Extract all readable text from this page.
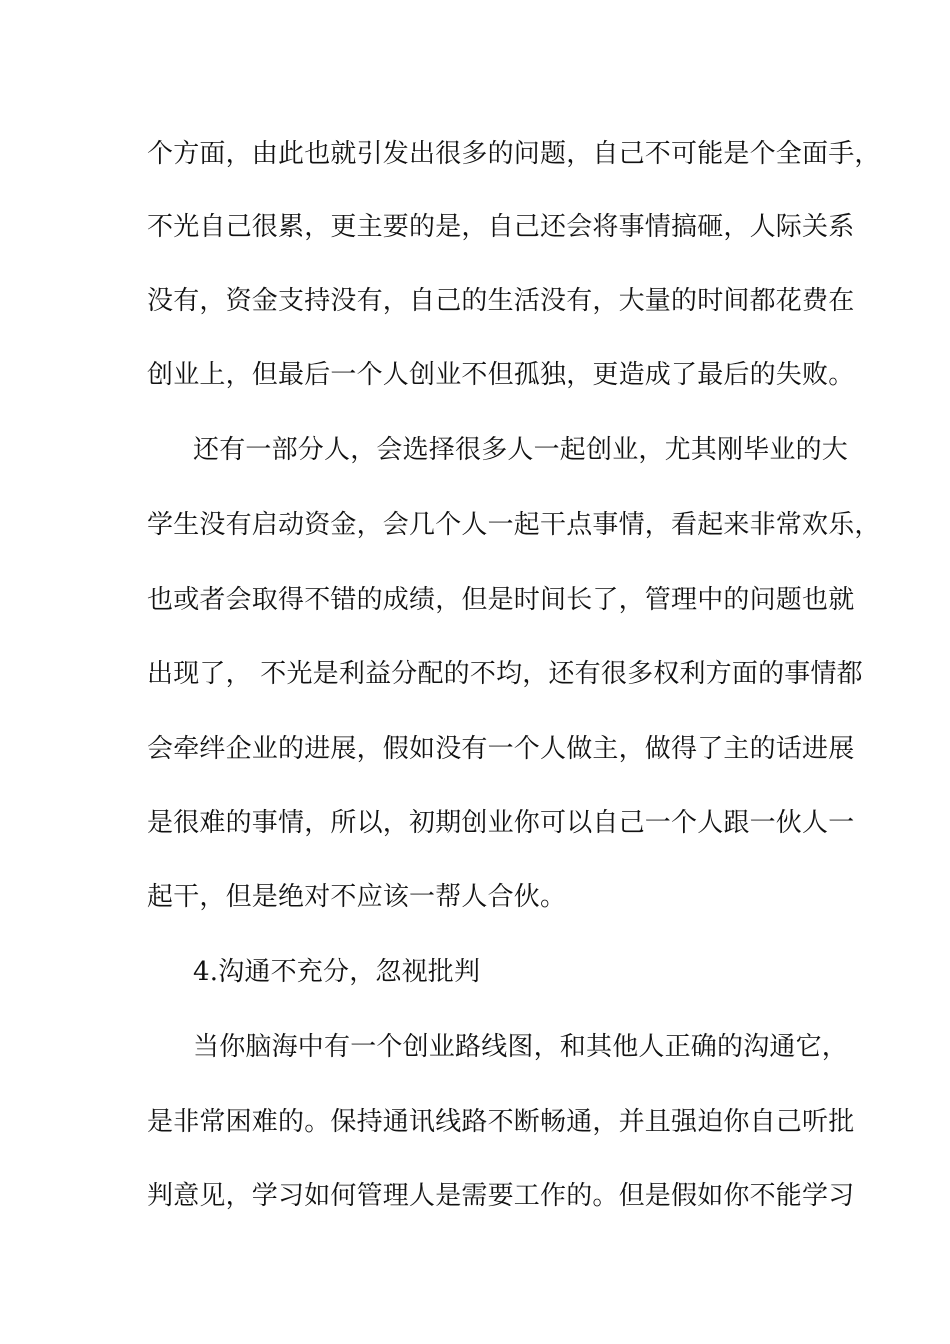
个方面，由此也就引发出很多的问题，自己不可能是个全面手，
不光自己很累，更主要的是，自己还会将事情搞砸，人际关系
没有，资金支持没有，自己的生活没有，大量的时间都花费在
创业上，但最后一个人创业不但孤独，更造成了最后的失败。
还有一部分人，会选择很多人一起创业，尤其刚毕业的大
学生没有启动资金，会几个人一起干点事情，看起来非常欢乐，
也或者会取得不错的成绩，但是时间长了，管理中的问题也就
出现了， 不光是利益分配的不均，还有很多权利方面的事情都
会牵绊企业的进展，假如没有一个人做主，做得了主的话进展
是很难的事情，所以，初期创业你可以自己一个人跟一伙人一
起干，但是绝对不应该一帮人合伙。
4.沟通不充分，忽视批判
当你脑海中有一个创业路线图，和其他人正确的沟通它，
是非常困难的。保持通讯线路不断畅通，并且强迫你自己听批
判意见，学习如何管理人是需要工作的。但是假如你不能学习
